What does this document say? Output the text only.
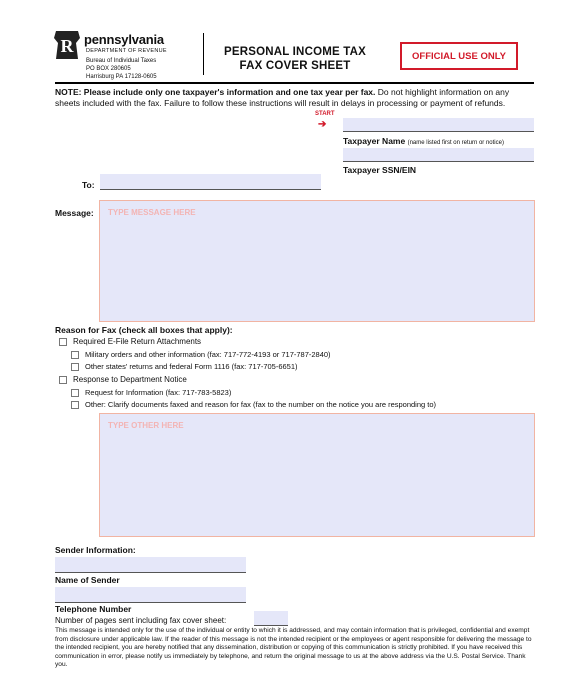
R pennsylvania
DEPARTMENT OF REVENUE
Bureau of Individual Taxes
PO BOX 280605
Harrisburg PA 17128-0605
PERSONAL INCOME TAX
FAX COVER SHEET
OFFICIAL USE ONLY
NOTE: Please include only one taxpayer's information and one tax year per fax. Do not highlight information on any sheets included with the fax. Failure to follow these instructions will result in delays in processing or payment of refunds.
START
➔
Taxpayer Name (name listed first on return or notice)
Taxpayer SSN/EIN
To:
Message: TYPE MESSAGE HERE
Reason for Fax (check all boxes that apply):
Required E-File Return Attachments
Military orders and other information (fax: 717-772-4193 or 717-787-2840)
Other states' returns and federal Form 1116 (fax: 717-705-6651)
Response to Department Notice
Request for Information (fax: 717-783-5823)
Other: Clarify documents faxed and reason for fax (fax to the number on the notice you are responding to)
TYPE OTHER HERE
Sender Information:
Name of Sender
Telephone Number
Number of pages sent including fax cover sheet:
This message is intended only for the use of the individual or entity to which it is addressed, and may contain information that is privileged, confidential and exempt from disclosure under applicable law. If the reader of this message is not the intended recipient or the employees or agent responsible for delivering the message to the intended recipient, you are hereby notified that any dissemination, distribution or copying of this communication is strictly prohibited. If you have received this communication in error, please notify us immediately by telephone, and return the original message to us at the above address via the U.S. Postal Service. Thank you.
